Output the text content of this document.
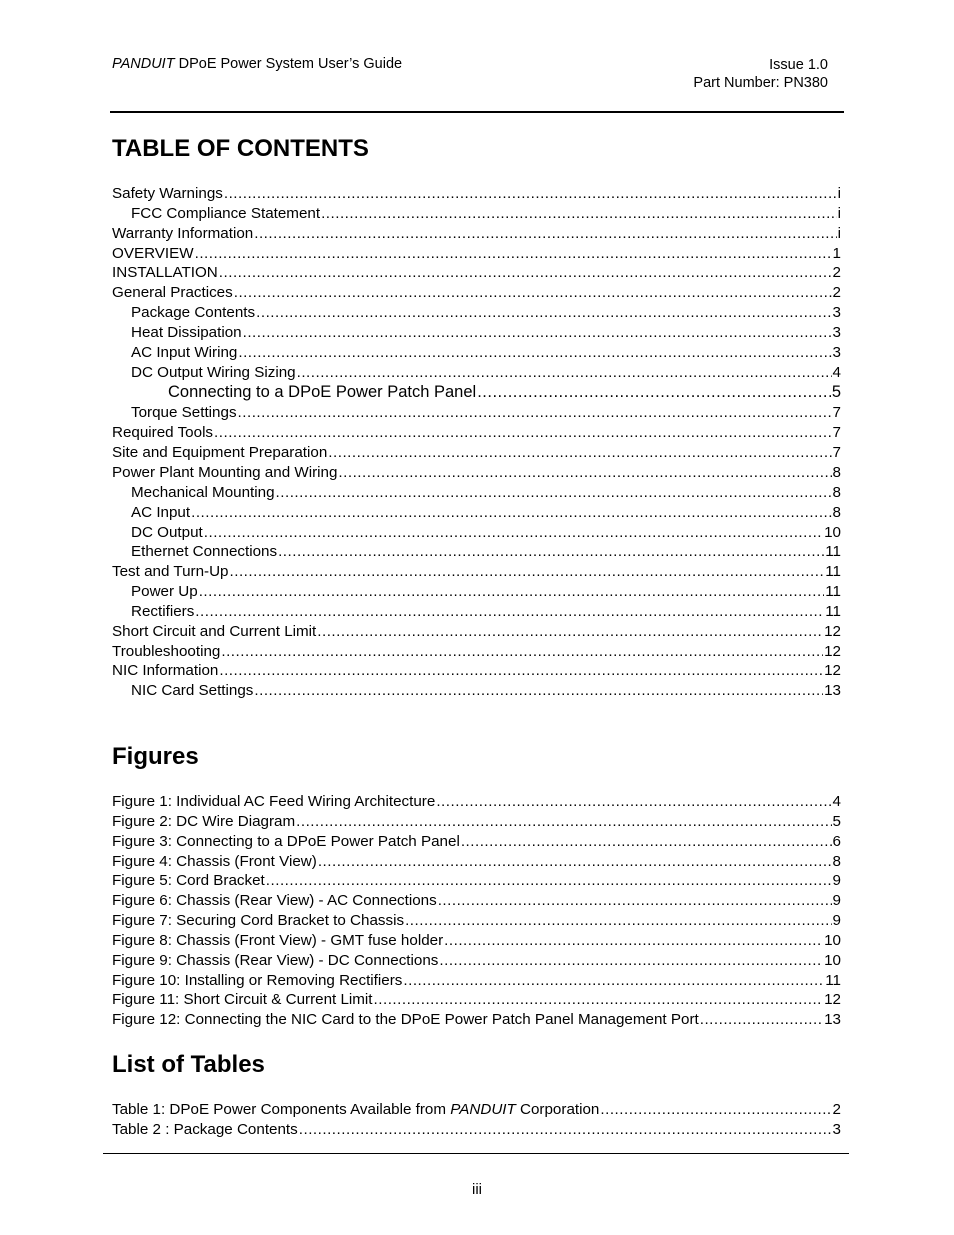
PANDUIT DPoE Power System User’s Guide	Issue 1.0
Part Number: PN380
TABLE OF CONTENTS
Safety Warnings .....	i
FCC Compliance Statement .....	i
Warranty Information .....	i
OVERVIEW .....	1
INSTALLATION .....	2
General Practices .....	2
Package Contents .....	3
Heat Dissipation .....	3
AC Input Wiring .....	3
DC Output Wiring Sizing .....	4
Connecting to a DPoE Power Patch Panel .....	5
Torque Settings .....	7
Required Tools .....	7
Site and Equipment Preparation .....	7
Power Plant Mounting and Wiring .....	8
Mechanical Mounting .....	8
AC Input .....	8
DC Output .....	10
Ethernet Connections .....	11
Test and Turn-Up .....	11
Power Up .....	11
Rectifiers .....	11
Short Circuit and Current Limit .....	12
Troubleshooting .....	12
NIC Information .....	12
NIC Card Settings .....	13
Figures
Figure 1: Individual AC Feed Wiring Architecture .....	4
Figure 2: DC Wire Diagram .....	5
Figure 3: Connecting to a DPoE Power Patch Panel .....	6
Figure 4: Chassis (Front View) .....	8
Figure 5: Cord Bracket .....	9
Figure 6: Chassis (Rear View) - AC Connections .....	9
Figure 7: Securing Cord Bracket to Chassis .....	9
Figure 8: Chassis (Front View) - GMT fuse holder .....	10
Figure 9: Chassis (Rear View) - DC Connections .....	10
Figure 10: Installing or Removing Rectifiers .....	11
Figure 11: Short Circuit & Current Limit .....	12
Figure 12: Connecting the NIC Card to the DPoE Power Patch Panel Management Port .....	13
List of Tables
Table 1: DPoE Power Components Available from PANDUIT Corporation .....	2
Table 2 : Package Contents .....	3
iii
